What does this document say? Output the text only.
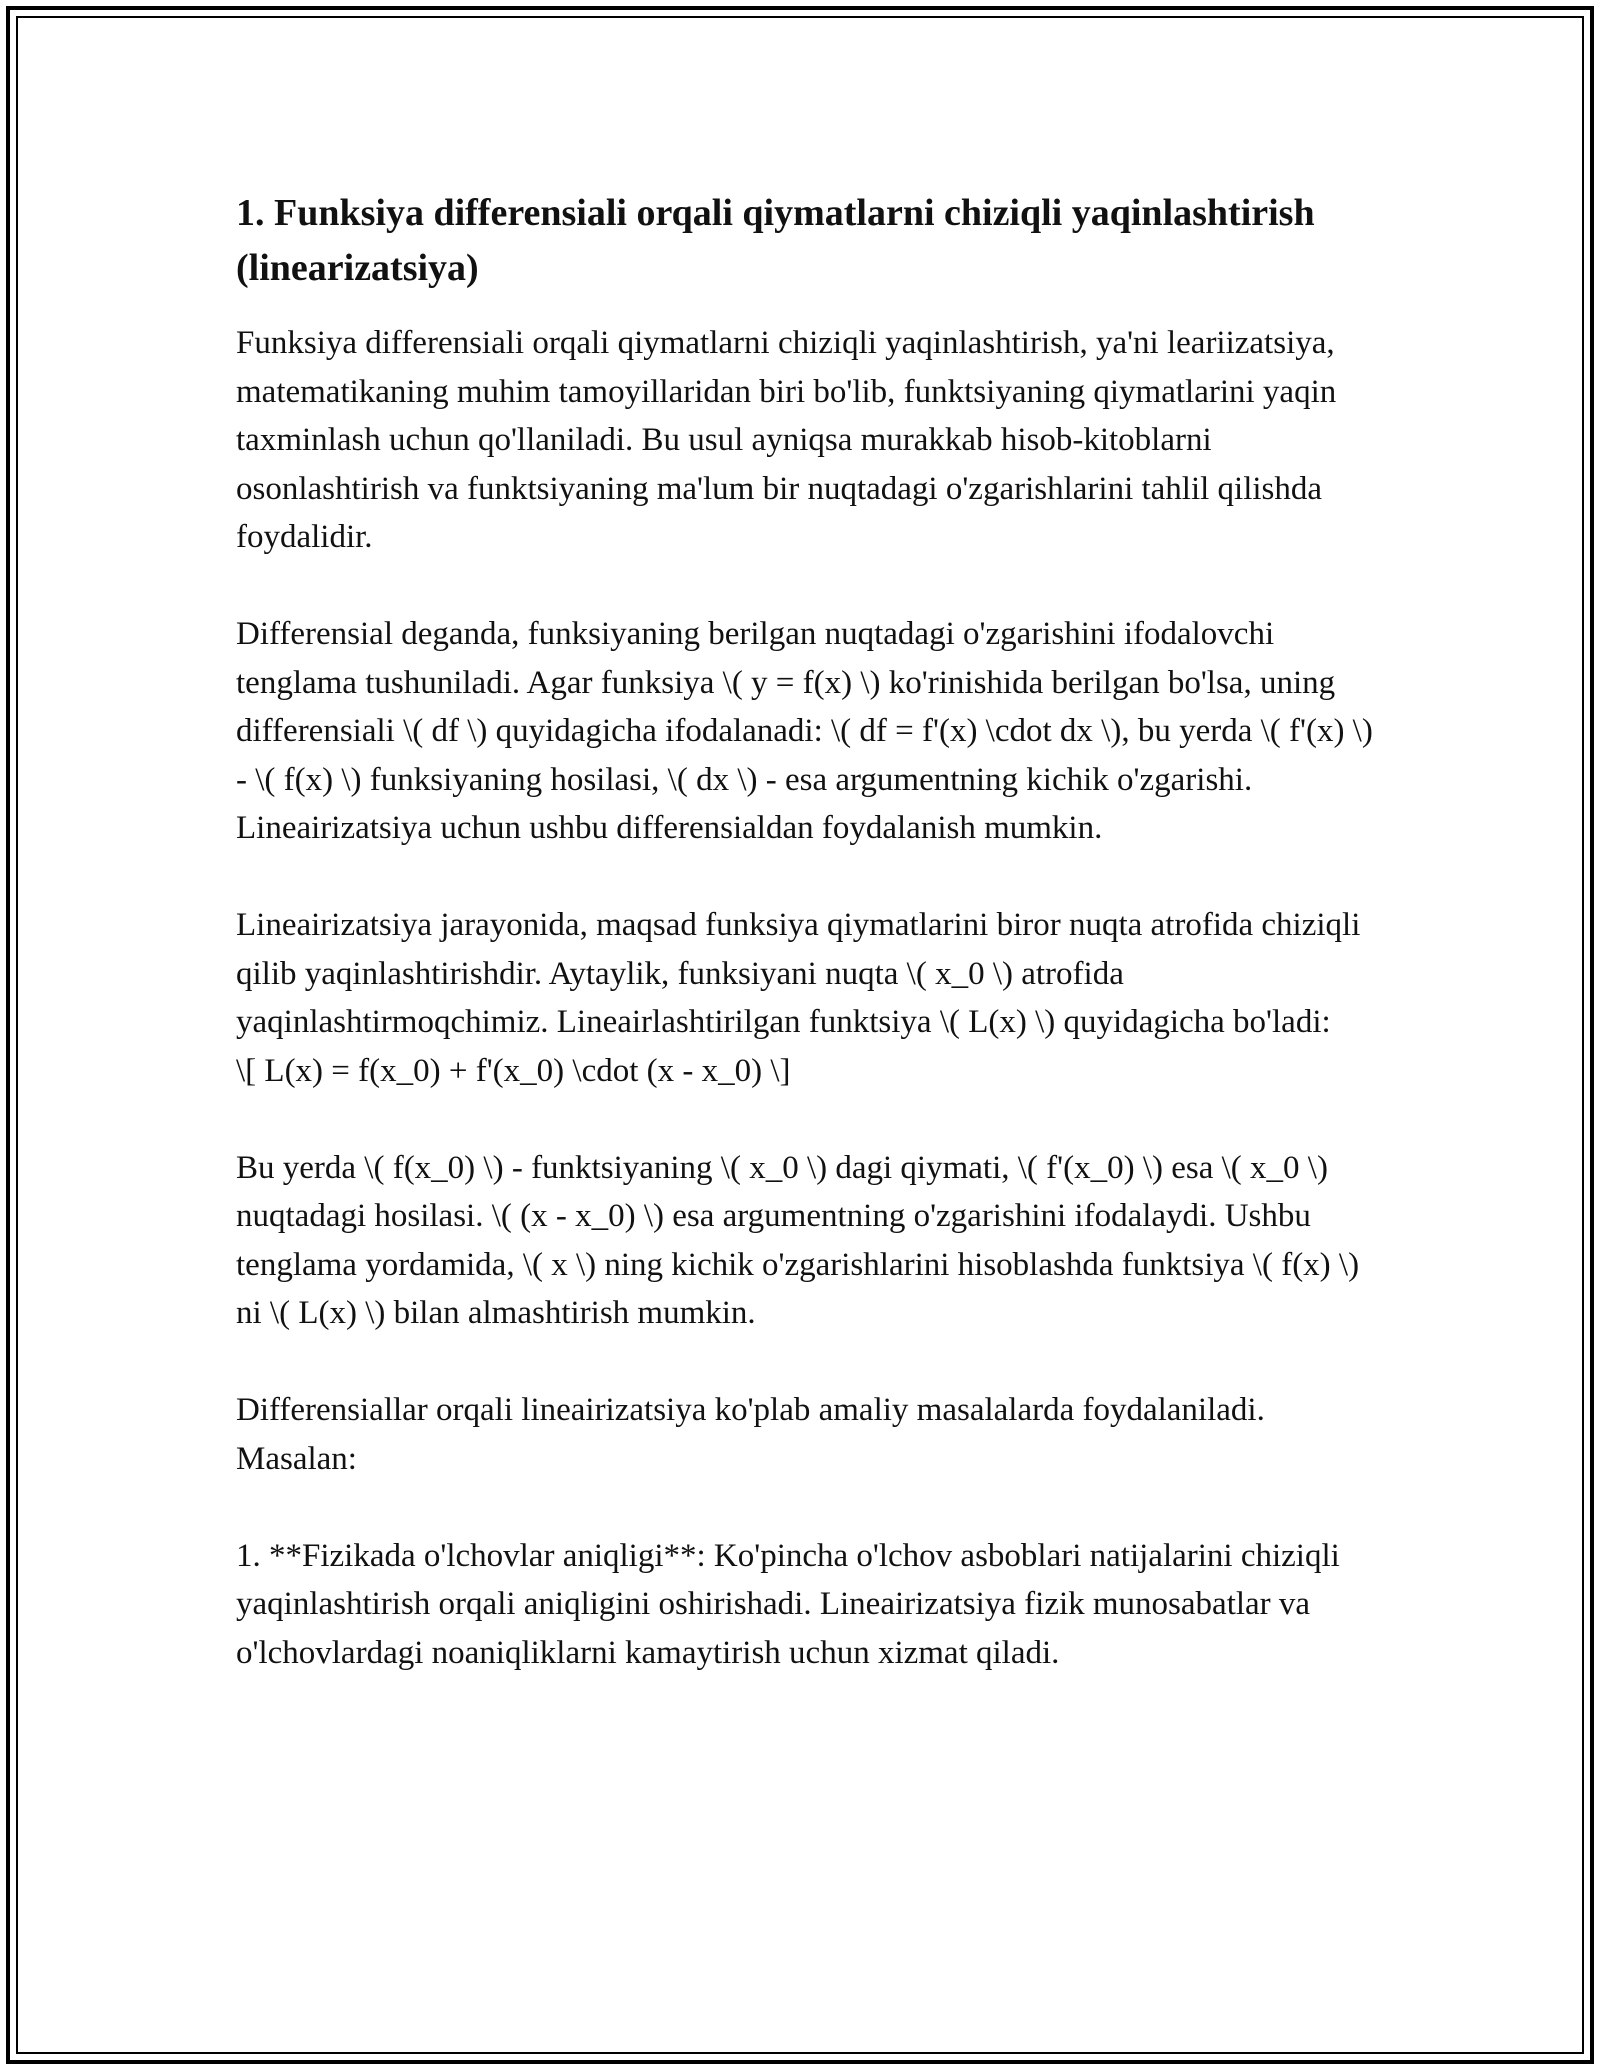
1. Funksiya differensiali orqali qiymatlarni chiziqli yaqinlashtirish (linearizatsiya)

Funksiya differensiali orqali qiymatlarni chiziqli yaqinlashtirish, ya'ni leariizatsiya, matematikaning muhim tamoyillaridan biri bo'lib, funktsiyaning qiymatlarini yaqin taxminlash uchun qo'llaniladi. Bu usul ayniqsa murakkab hisob-kitoblarni osonlashtirish va funktsiyaning ma'lum bir nuqtadagi o'zgarishlarini tahlil qilishda foydalidir.

Differensial deganda, funksiyaning berilgan nuqtadagi o'zgarishini ifodalovchi tenglama tushuniladi. Agar funksiya \( y = f(x) \) ko'rinishida berilgan bo'lsa, uning differensiali \( df \) quyidagicha ifodalanadi: \( df = f'(x) \cdot dx \), bu yerda \( f'(x) \) - \( f(x) \) funksiyaning hosilasi, \( dx \) - esa argumentning kichik o'zgarishi. Lineairizatsiya uchun ushbu differensialdan foydalanish mumkin.

Lineairizatsiya jarayonida, maqsad funksiya qiymatlarini biror nuqta atrofida chiziqli qilib yaqinlashtirishdir. Aytaylik, funksiyani nuqta \( x_0 \) atrofida yaqinlashtirmoqchimiz. Lineairlashtirilgan funktsiya \( L(x) \) quyidagicha bo'ladi:
\[ L(x) = f(x_0) + f'(x_0) \cdot (x - x_0) \]

Bu yerda \( f(x_0) \) - funktsiyaning \( x_0 \) dagi qiymati, \( f'(x_0) \) esa \( x_0 \) nuqtadagi hosilasi. \( (x - x_0) \) esa argumentning o'zgarishini ifodalaydi. Ushbu tenglama yordamida, \( x \) ning kichik o'zgarishlarini hisoblashda funktsiya \( f(x) \) ni \( L(x) \) bilan almashtirish mumkin.

Differensiallar orqali lineairizatsiya ko'plab amaliy masalalarda foydalaniladi. Masalan:

1. **Fizikada o'lchovlar aniqligi**: Ko'pincha o'lchov asboblari natijalarini chiziqli yaqinlashtirish orqali aniqligini oshirishadi. Lineairizatsiya fizik munosabatlar va o'lchovlardagi noaniqliklarni kamaytirish uchun xizmat qiladi.
